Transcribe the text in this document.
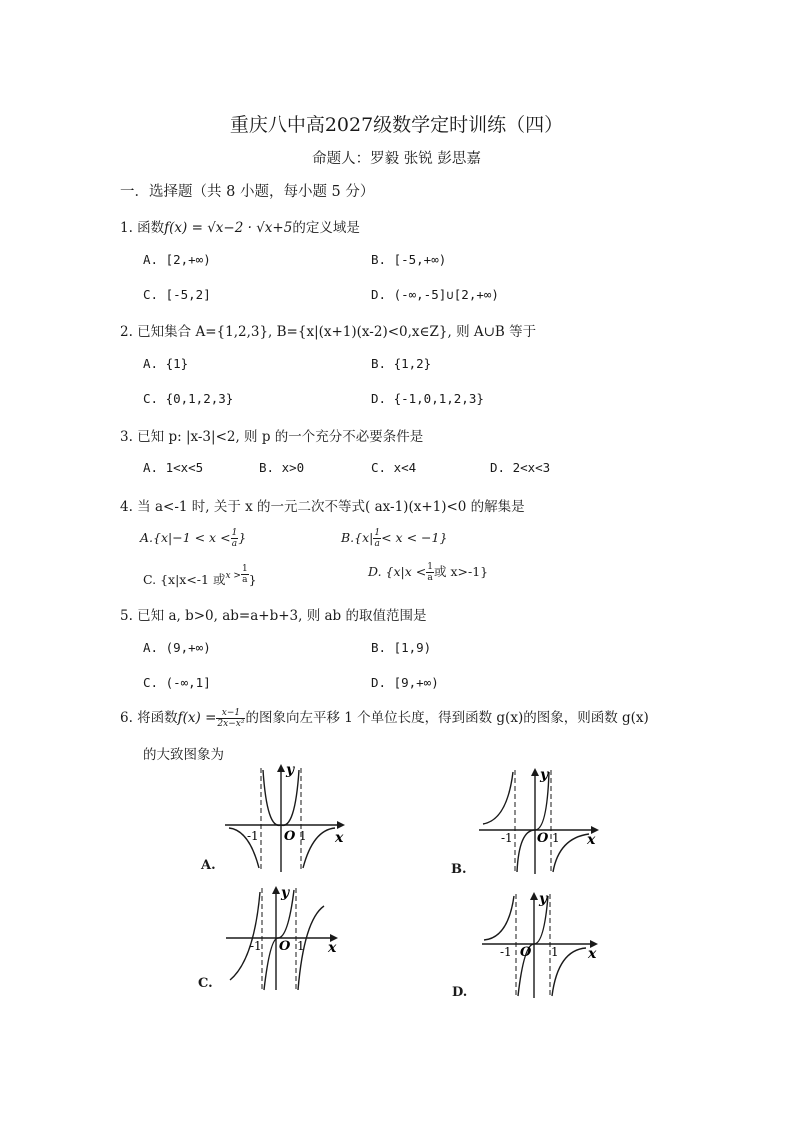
重庆八中高2027级数学定时训练（四）
命题人：罗毅 张锐 彭思嘉
一．选择题（共 8 小题，每小题 5 分）
1. 函数f(x) = √x−2 · √x+5的定义域是
A. [2,+∞)	B. [-5,+∞)
C. [-5,2]	D. (-∞,-5]∪[2,+∞)
2. 已知集合 A={1,2,3}, B={x|(x+1)(x-2)<0,x∈Z}, 则 A∪B 等于
A. {1}	B. {1,2}
C. {0,1,2,3}	D. {-1,0,1,2,3}
3. 已知 p: |x-3|<2, 则 p 的一个充分不必要条件是
A. 1<x<5	B. x>0	C. x<4	D. 2<x<3
4. 当 a<-1 时, 关于 x 的一元二次不等式( ax-1)(x+1)<0 的解集是
$A.\{x|-1 < x < \frac{1}{a}$ }	$B.\{x| \frac{1}{a} < x < -1\}$
C. {x|x<-1 或$^{x >} \frac{1}{a}$ }
D. {$x|x < \frac{1}{a}$ 或 x>-1}
5. 已知 a, b>0, ab=a+b+3, 则 ab 的取值范围是
A. (9,+∞)	B. [1,9)
C. (-∞,1]	D. [9,+∞)
6. 将函数$f(x) = \frac{x-1}{\text{2x−x²}}$ 的图象向左平移 1 个单位长度，得到函数 g(x)的图象，则函数 g(x)
的大致图象为
-1 O 1 x
y
A.
-1 O 1 x
y
B.
-1 O 1 x
y
C.
-1 O 1 x
y
D.
